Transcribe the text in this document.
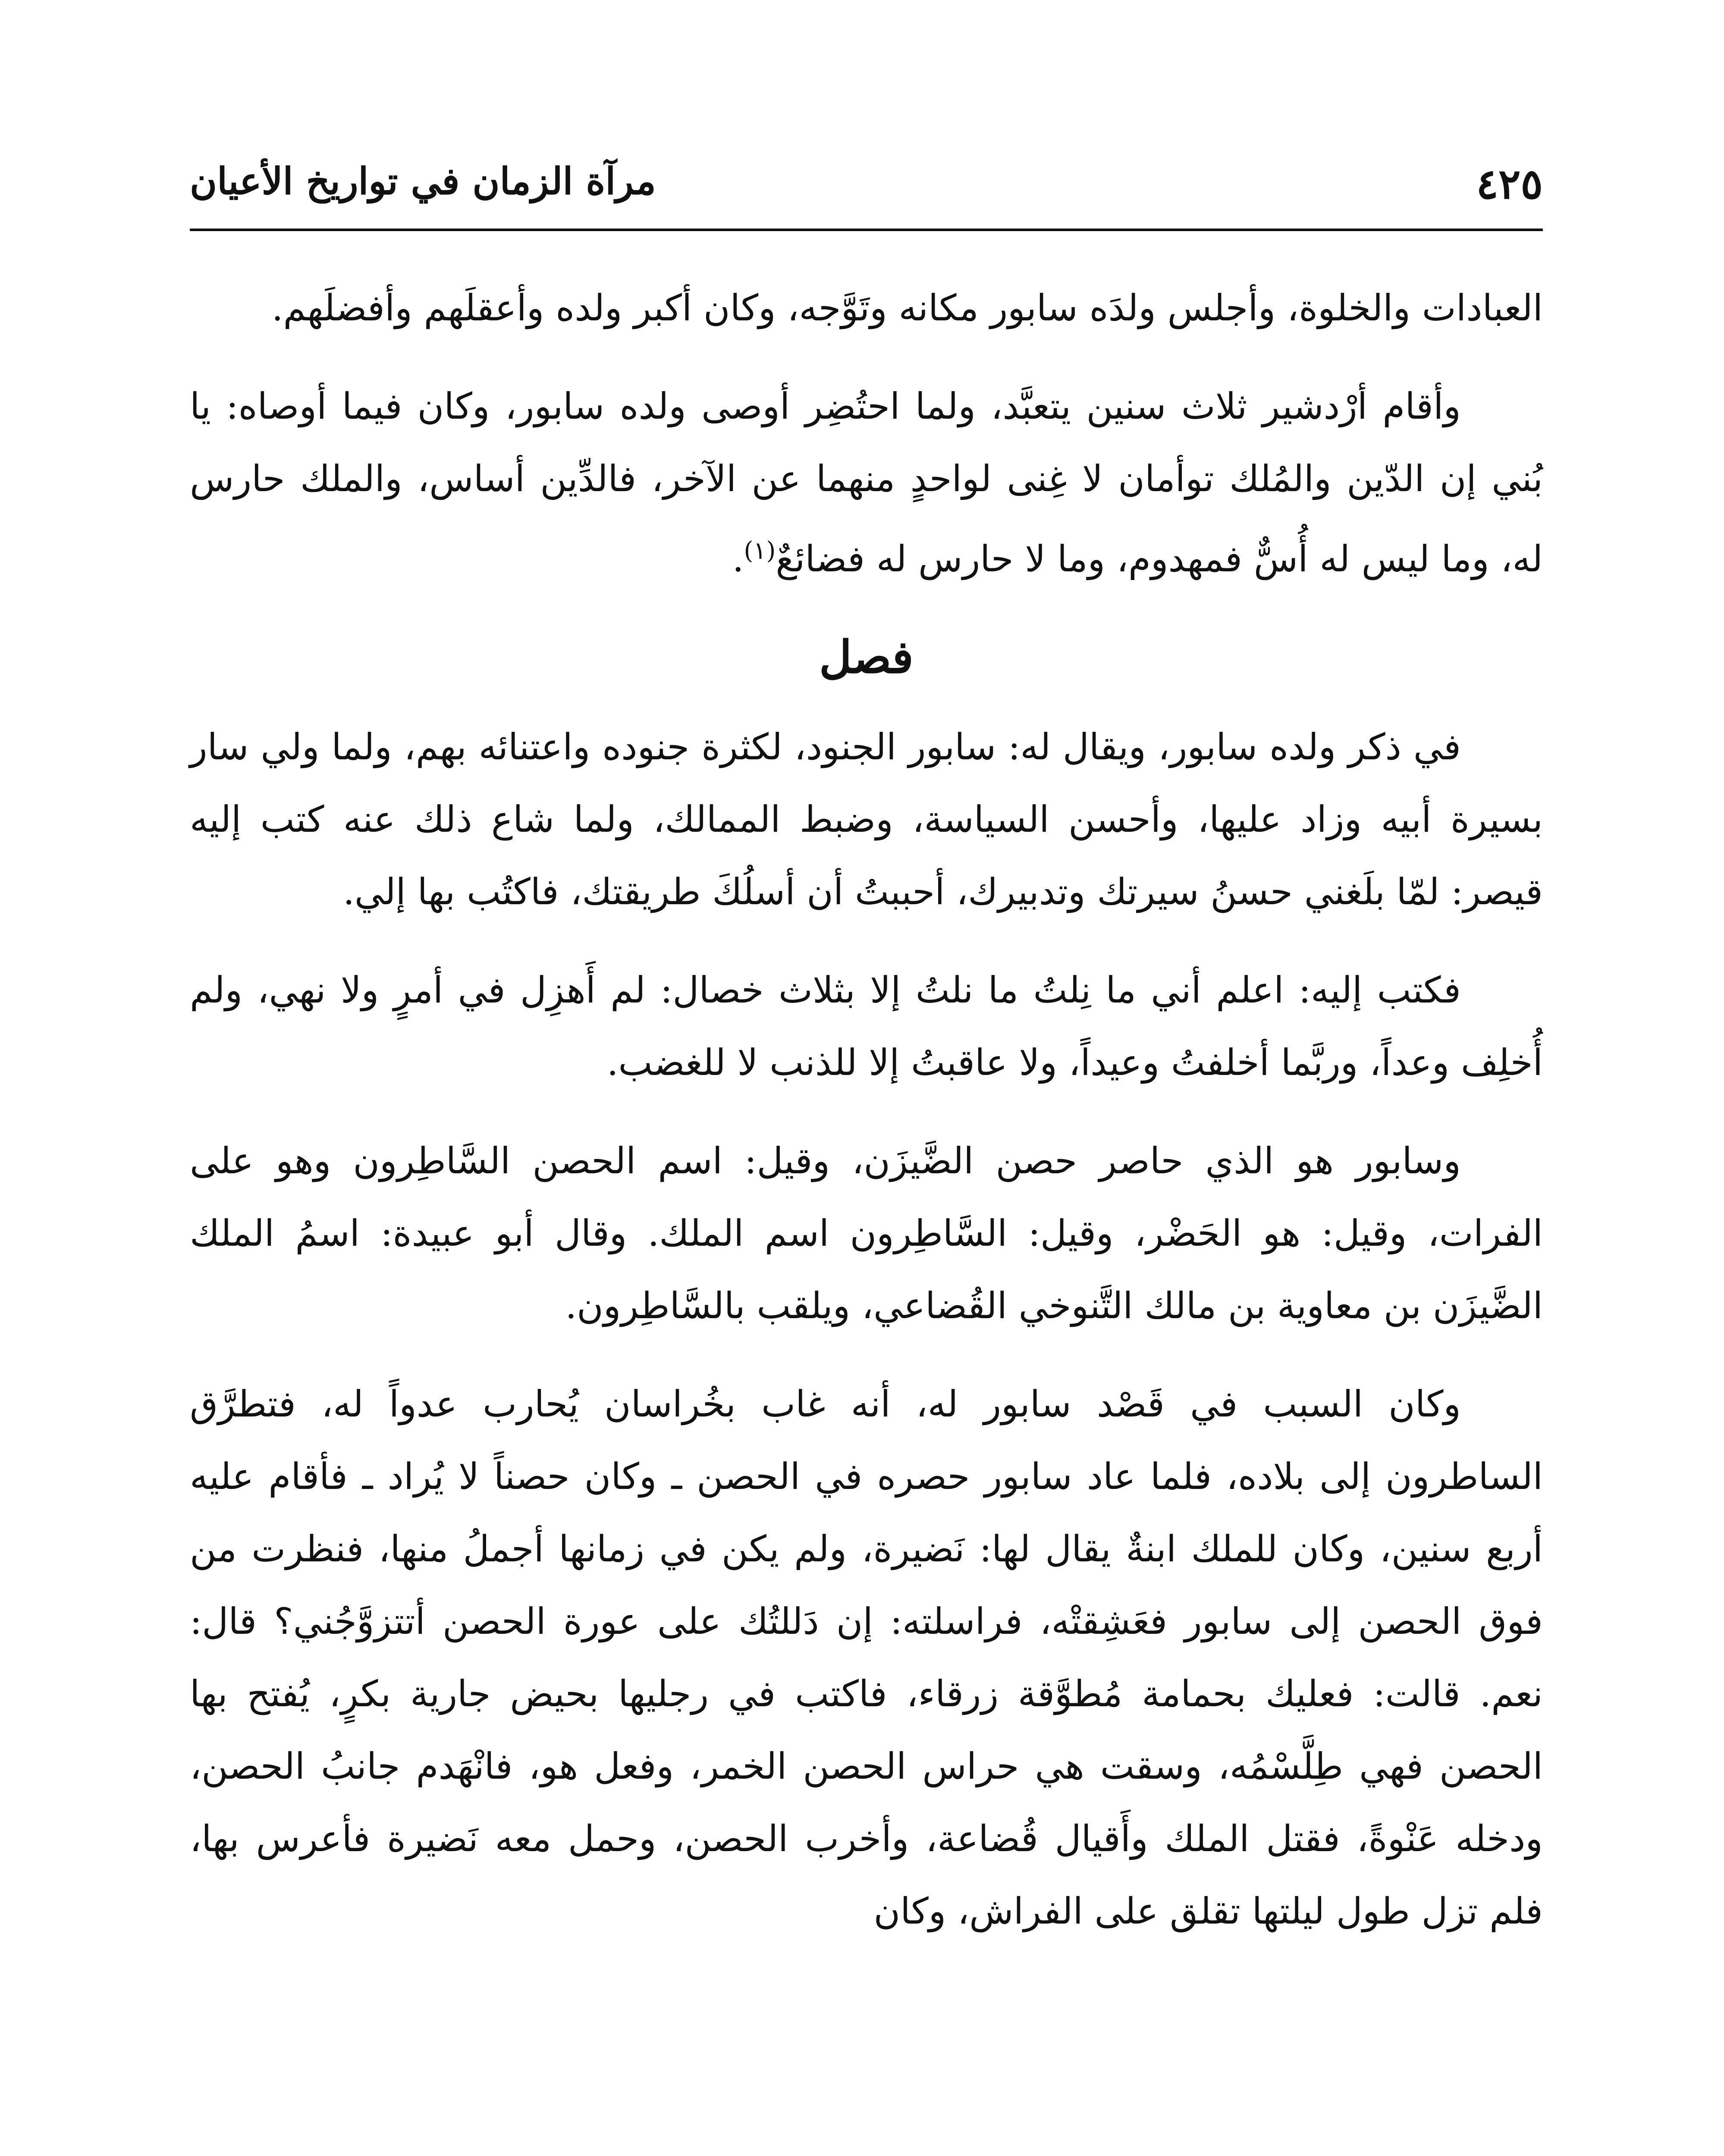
٤٢٥
مرآة الزمان في تواريخ الأعيان

العبادات والخلوة، وأجلس ولدَه سابور مكانه وتَوَّجه، وكان أكبر ولده وأعقلَهم وأفضلَهم.

وأقام أرْدشير ثلاث سنين يتعبَّد، ولما احتُضِر أوصى ولده سابور، وكان فيما أوصاه: يا بُني إن الدّين والمُلك توأمان لا غِنى لواحدٍ منهما عن الآخر، فالدِّين أساس، والملك حارس له، وما ليس له أُسٌّ فمهدوم، وما لا حارس له فضائعٌ$^{(١)}$.

فصل

في ذكر ولده سابور، ويقال له: سابور الجنود، لكثرة جنوده واعتنائه بهم، ولما ولي سار بسيرة أبيه وزاد عليها، وأحسن السياسة، وضبط الممالك، ولما شاع ذلك عنه كتب إليه قيصر: لمّا بلَغني حسنُ سيرتك وتدبيرك، أحببتُ أن أسلُكَ طريقتك، فاكتُب بها إلي.

فكتب إليه: اعلم أني ما نِلتُ ما نلتُ إلا بثلاث خصال: لم أَهزِل في أمرٍ ولا نهي، ولم أُخلِف وعداً، وربَّما أخلفتُ وعيداً، ولا عاقبتُ إلا للذنب لا للغضب.

وسابور هو الذي حاصر حصن الضَّيزَن، وقيل: اسم الحصن السَّاطِرون وهو على الفرات، وقيل: هو الحَضْر، وقيل: السَّاطِرون اسم الملك. وقال أبو عبيدة: اسمُ الملك الضَّيزَن بن معاوية بن مالك التَّنوخي القُضاعي، ويلقب بالسَّاطِرون.

وكان السبب في قَصْد سابور له، أنه غاب بخُراسان يُحارب عدواً له، فتطرَّق الساطرون إلى بلاده، فلما عاد سابور حصره في الحصن ـ وكان حصناً لا يُراد ـ فأقام عليه أربع سنين، وكان للملك ابنةٌ يقال لها: نَضيرة، ولم يكن في زمانها أجملُ منها، فنظرت من فوق الحصن إلى سابور فعَشِقتْه، فراسلته: إن دَللتُك على عورة الحصن أتتزوَّجُني؟ قال: نعم. قالت: فعليك بحمامة مُطوَّقة زرقاء، فاكتب في رجليها بحيض جارية بكرٍ، يُفتح بها الحصن فهي طِلَّسْمُه، وسقت هي حراس الحصن الخمر، وفعل هو، فانْهَدم جانبُ الحصن، ودخله عَنْوةً، فقتل الملك وأَقيال قُضاعة، وأخرب الحصن، وحمل معه نَضيرة فأعرس بها، فلم تزل طول ليلتها تقلق على الفراش، وكان
